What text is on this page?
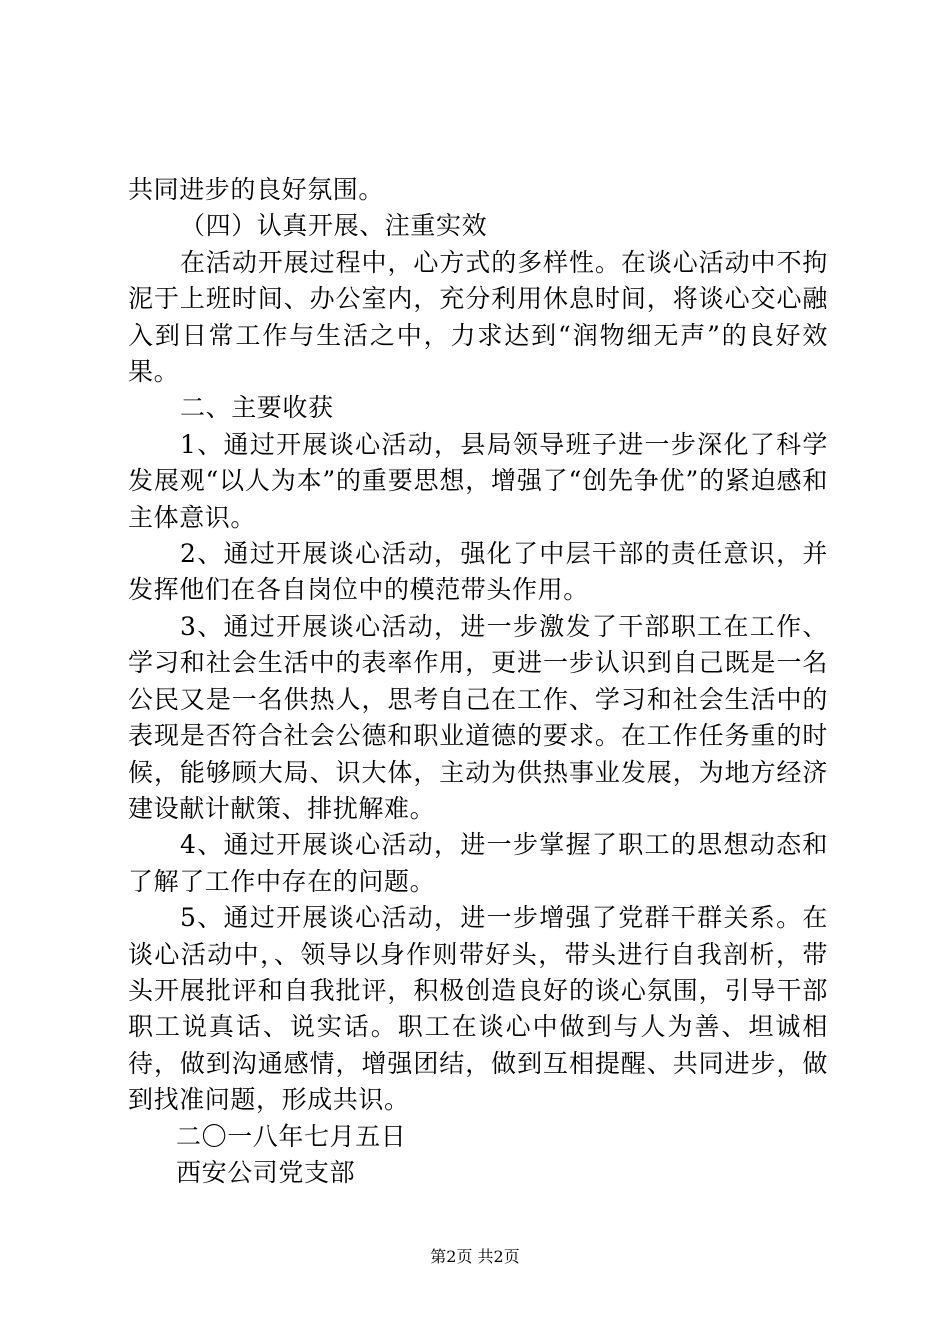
共同进步的良好氛围。

（四）认真开展、注重实效

在活动开展过程中，心方式的多样性。在谈心活动中不拘泥于上班时间、办公室内，充分利用休息时间，将谈心交心融入到日常工作与生活之中，力求达到“润物细无声”的良好效果。

二、主要收获

1、通过开展谈心活动，县局领导班子进一步深化了科学发展观“以人为本”的重要思想，增强了“创先争优”的紧迫感和主体意识。

2、通过开展谈心活动，强化了中层干部的责任意识，并发挥他们在各自岗位中的模范带头作用。

3、通过开展谈心活动，进一步激发了干部职工在工作、学习和社会生活中的表率作用，更进一步认识到自己既是一名公民又是一名供热人，思考自己在工作、学习和社会生活中的表现是否符合社会公德和职业道德的要求。在工作任务重的时候，能够顾大局、识大体，主动为供热事业发展，为地方经济建设献计献策、排扰解难。

4、通过开展谈心活动，进一步掌握了职工的思想动态和了解了工作中存在的问题。

5、通过开展谈心活动，进一步增强了党群干群关系。在谈心活动中，、领导以身作则带好头，带头进行自我剖析，带头开展批评和自我批评，积极创造良好的谈心氛围，引导干部职工说真话、说实话。职工在谈心中做到与人为善、坦诚相待，做到沟通感情，增强团结，做到互相提醒、共同进步，做到找准问题，形成共识。

二〇一八年七月五日

西安公司党支部

第2页 共2页
